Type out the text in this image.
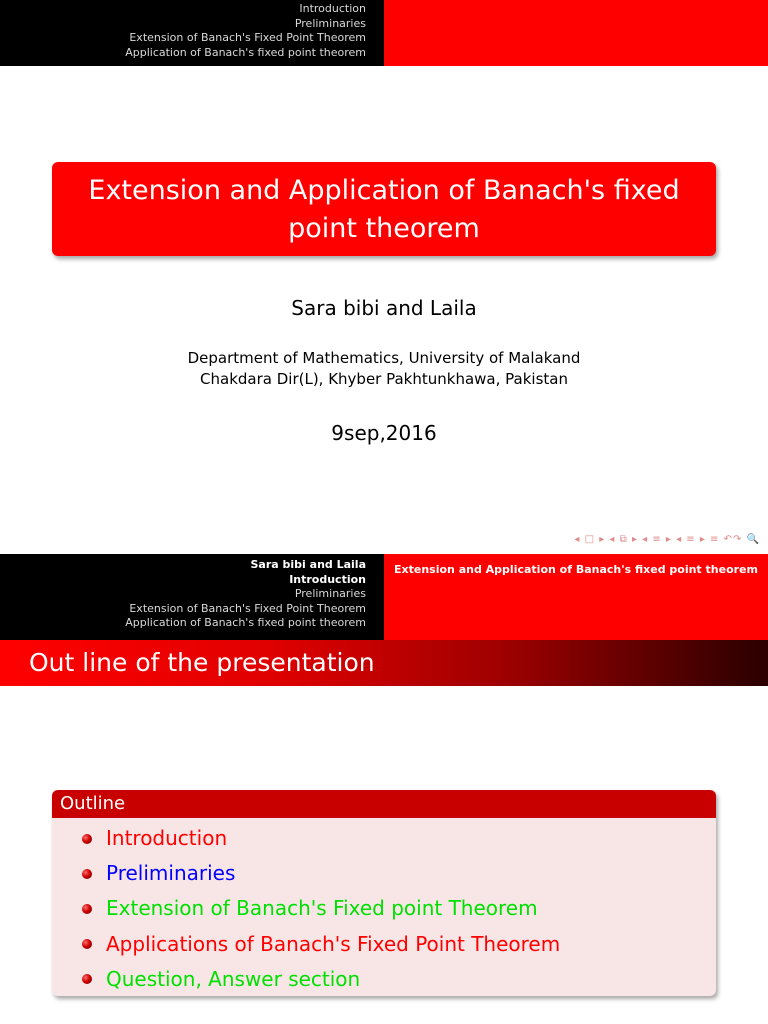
Introduction
Preliminaries
Extension of Banach's Fixed Point Theorem
Application of Banach's fixed point theorem
Extension and Application of Banach's fixed point theorem
Sara bibi and Laila
Department of Mathematics, University of Malakand
Chakdara Dir(L), Khyber Pakhtunkhawa, Pakistan
9sep,2016
◂ □ ▸ ◂ ⧉ ▸ ◂ ≡ ▸ ◂ ≡ ▸ ≡ ↶↷ 🔍
Sara bibi and Laila
Introduction
Preliminaries
Extension of Banach's Fixed Point Theorem
Application of Banach's fixed point theorem
Extension and Application of Banach's fixed point theorem
Out line of the presentation
Outline
Introduction
Preliminaries
Extension of Banach's Fixed point Theorem
Applications of Banach's Fixed Point Theorem
Question, Answer section
